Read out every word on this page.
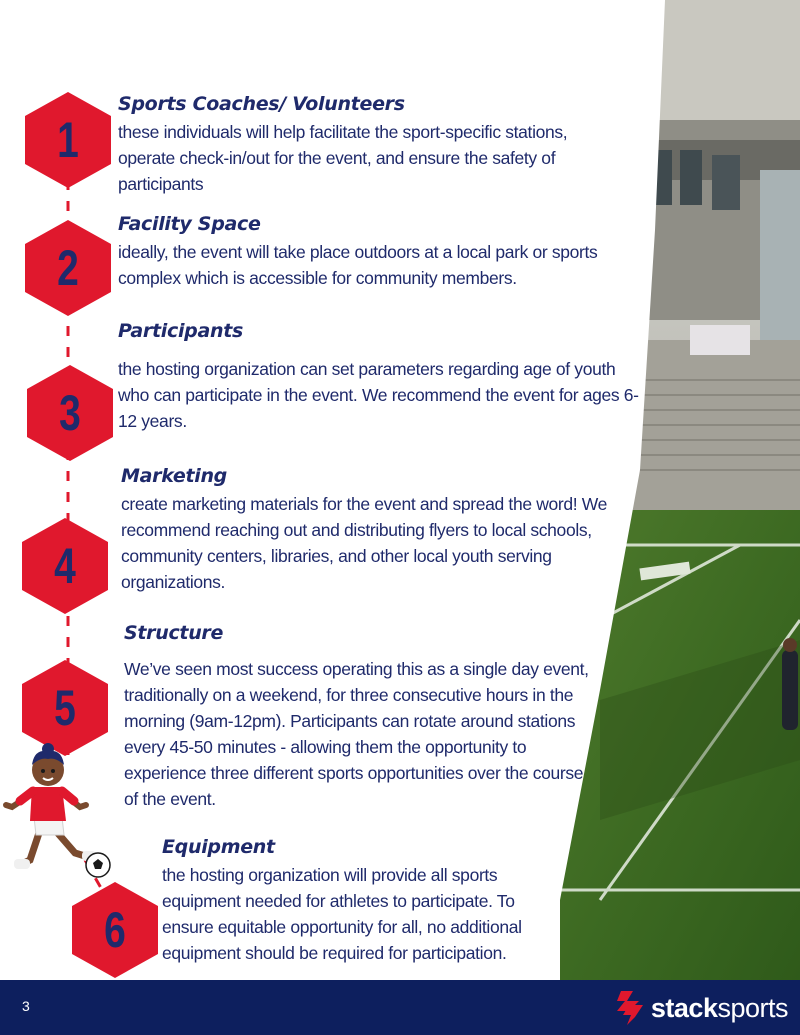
1
2
3
4
5
6
Sports Coaches/ Volunteers
these individuals will help facilitate the sport-specific stations, operate check-in/out for the event, and ensure the safety of participants
Facility Space
ideally, the event will take place outdoors at a local park or sports complex which is accessible for community members.
Participants
the hosting organization can set parameters regarding age of youth who can participate in the event. We recommend the event for ages 6-12 years.
Marketing
create marketing materials for the event and spread the word! We recommend reaching out and distributing flyers to local schools, community centers, libraries, and other local youth serving organizations.
Structure
We’ve seen most success operating this as a single day event, traditionally on a weekend, for three consecutive hours in the morning (9am-12pm). Participants can rotate around stations every 45-50 minutes - allowing them the opportunity to experience three different sports opportunities over the course of the event.
Equipment
the hosting organization will provide all sports equipment needed for athletes to participate. To ensure equitable opportunity for all, no additional equipment should be required for participation.
3	stacksports
